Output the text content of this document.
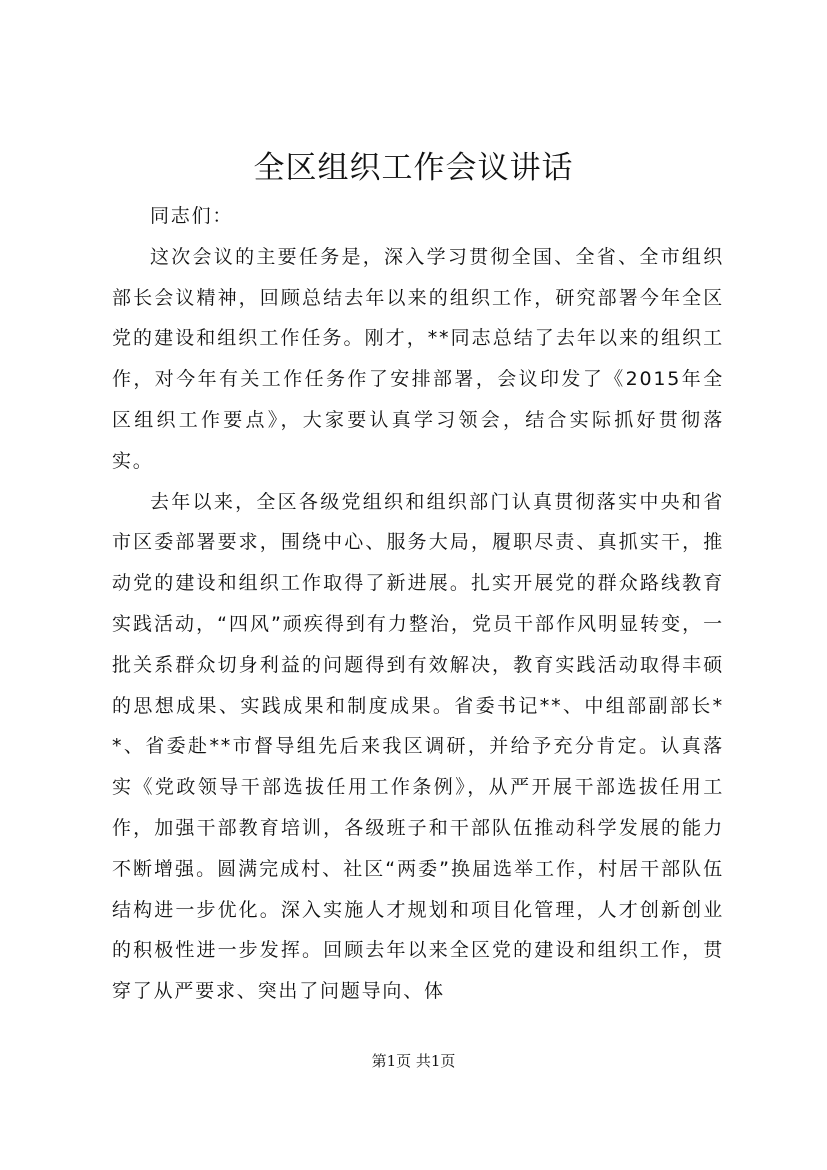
全区组织工作会议讲话

同志们：

这次会议的主要任务是，深入学习贯彻全国、全省、全市组织部长会议精神，回顾总结去年以来的组织工作，研究部署今年全区党的建设和组织工作任务。刚才，**同志总结了去年以来的组织工作，对今年有关工作任务作了安排部署，会议印发了《2015年全区组织工作要点》，大家要认真学习领会，结合实际抓好贯彻落实。

去年以来，全区各级党组织和组织部门认真贯彻落实中央和省市区委部署要求，围绕中心、服务大局，履职尽责、真抓实干，推动党的建设和组织工作取得了新进展。扎实开展党的群众路线教育实践活动，“四风”顽疾得到有力整治，党员干部作风明显转变，一批关系群众切身利益的问题得到有效解决，教育实践活动取得丰硕的思想成果、实践成果和制度成果。省委书记**、中组部副部长**、省委赴**市督导组先后来我区调研，并给予充分肯定。认真落实《党政领导干部选拔任用工作条例》，从严开展干部选拔任用工作，加强干部教育培训，各级班子和干部队伍推动科学发展的能力不断增强。圆满完成村、社区“两委”换届选举工作，村居干部队伍结构进一步优化。深入实施人才规划和项目化管理，人才创新创业的积极性进一步发挥。回顾去年以来全区党的建设和组织工作，贯穿了从严要求、突出了问题导向、体

第1页 共1页
